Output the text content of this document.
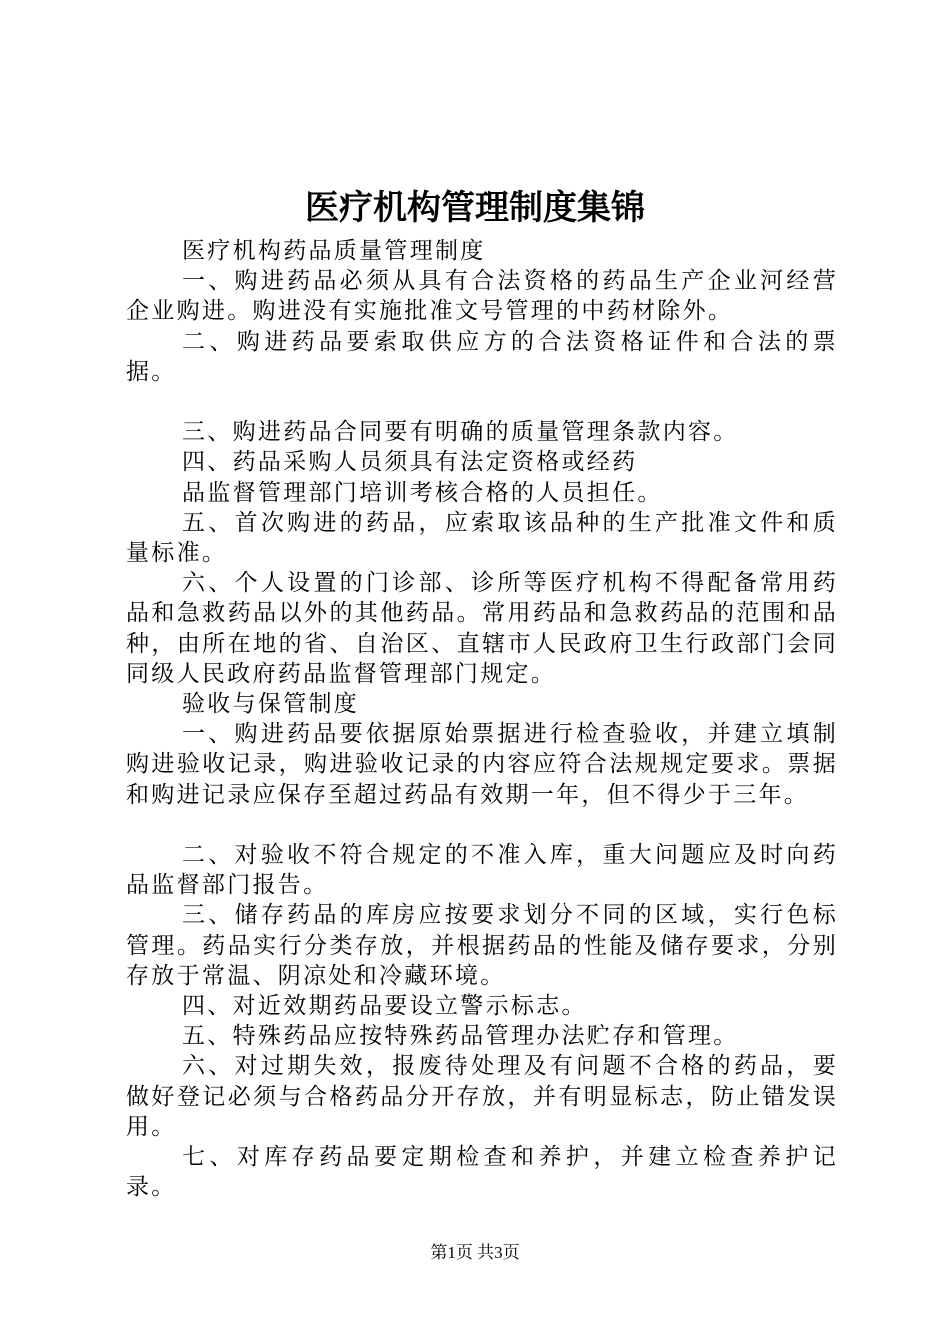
医疗机构管理制度集锦

医疗机构药品质量管理制度

一、购进药品必须从具有合法资格的药品生产企业河经营企业购进。购进没有实施批准文号管理的中药材除外。

二、购进药品要索取供应方的合法资格证件和合法的票据。

三、购进药品合同要有明确的质量管理条款内容。

四、药品采购人员须具有法定资格或经药

品监督管理部门培训考核合格的人员担任。

五、首次购进的药品，应索取该品种的生产批准文件和质量标准。

六、个人设置的门诊部、诊所等医疗机构不得配备常用药品和急救药品以外的其他药品。常用药品和急救药品的范围和品种，由所在地的省、自治区、直辖市人民政府卫生行政部门会同同级人民政府药品监督管理部门规定。

验收与保管制度

一、购进药品要依据原始票据进行检查验收，并建立填制购进验收记录，购进验收记录的内容应符合法规规定要求。票据和购进记录应保存至超过药品有效期一年，但不得少于三年。

二、对验收不符合规定的不准入库，重大问题应及时向药品监督部门报告。

三、储存药品的库房应按要求划分不同的区域，实行色标管理。药品实行分类存放，并根据药品的性能及储存要求，分别存放于常温、阴凉处和冷藏环境。

四、对近效期药品要设立警示标志。

五、特殊药品应按特殊药品管理办法贮存和管理。

六、对过期失效，报废待处理及有问题不合格的药品，要做好登记必须与合格药品分开存放，并有明显标志，防止错发误用。

七、对库存药品要定期检查和养护，并建立检查养护记录。

第1页 共3页
